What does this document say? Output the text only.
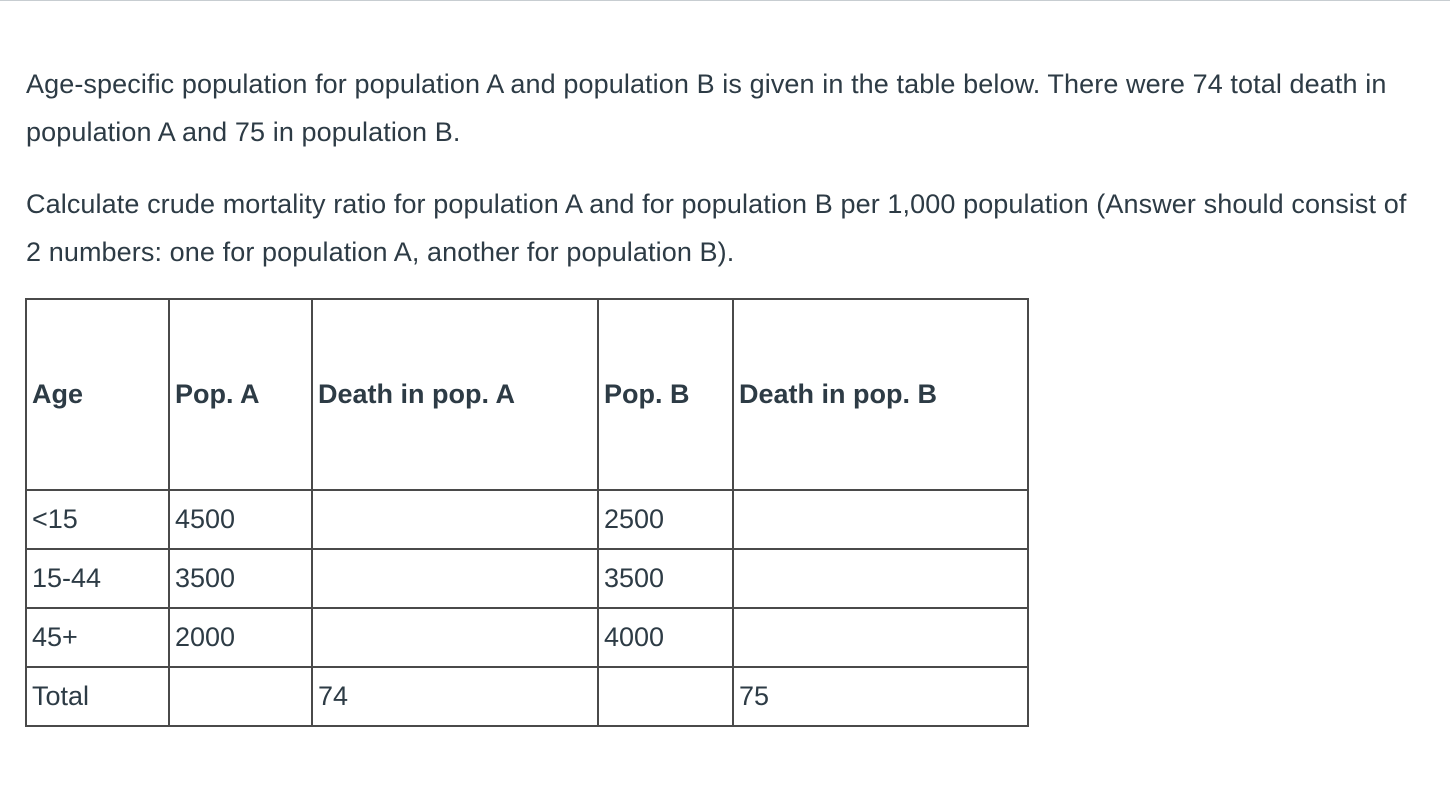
Age-specific population for population A and population B is given in the table below. There were 74 total death in population A and 75 in population B.

Calculate crude mortality ratio for population A and for population B per 1,000 population (Answer should consist of 2 numbers: one for population A, another for population B).

Age	Pop. A	Death in pop. A	Pop. B	Death in pop. B
<15	4500		2500	
15-44	3500		3500	
45+	2000		4000	
Total		74		75
